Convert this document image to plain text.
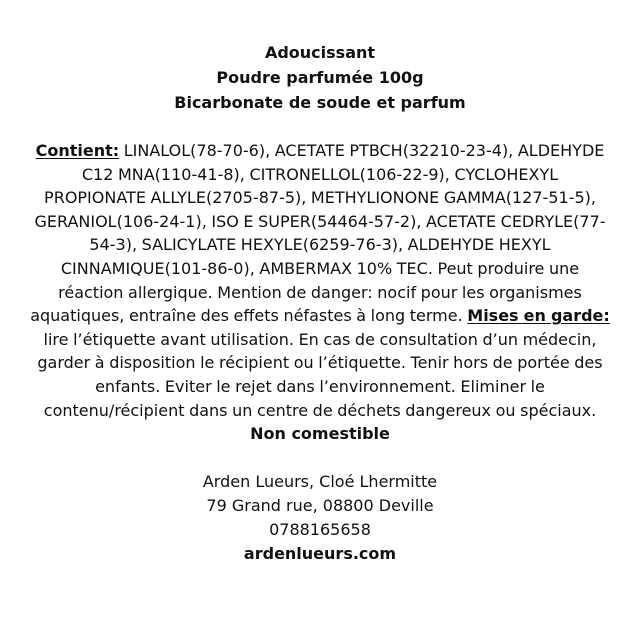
Adoucissant
Poudre parfumée 100g
Bicarbonate de soude et parfum
Contient: LINALOL(78-70-6), ACETATE PTBCH(32210-23-4), ALDEHYDE C12 MNA(110-41-8), CITRONELLOL(106-22-9), CYCLOHEXYL PROPIONATE ALLYLE(2705-87-5), METHYLIONONE GAMMA(127-51-5), GERANIOL(106-24-1), ISO E SUPER(54464-57-2), ACETATE CEDRYLE(77-54-3), SALICYLATE HEXYLE(6259-76-3), ALDEHYDE HEXYL CINNAMIQUE(101-86-0), AMBERMAX 10% TEC. Peut produire une réaction allergique. Mention de danger: nocif pour les organismes aquatiques, entraîne des effets néfastes à long terme. Mises en garde: lire l’étiquette avant utilisation. En cas de consultation d’un médecin, garder à disposition le récipient ou l’étiquette. Tenir hors de portée des enfants. Eviter le rejet dans l’environnement. Eliminer le contenu/récipient dans un centre de déchets dangereux ou spéciaux.
Non comestible
Arden Lueurs, Cloé Lhermitte
79 Grand rue, 08800 Deville
0788165658
ardenlueurs.com
